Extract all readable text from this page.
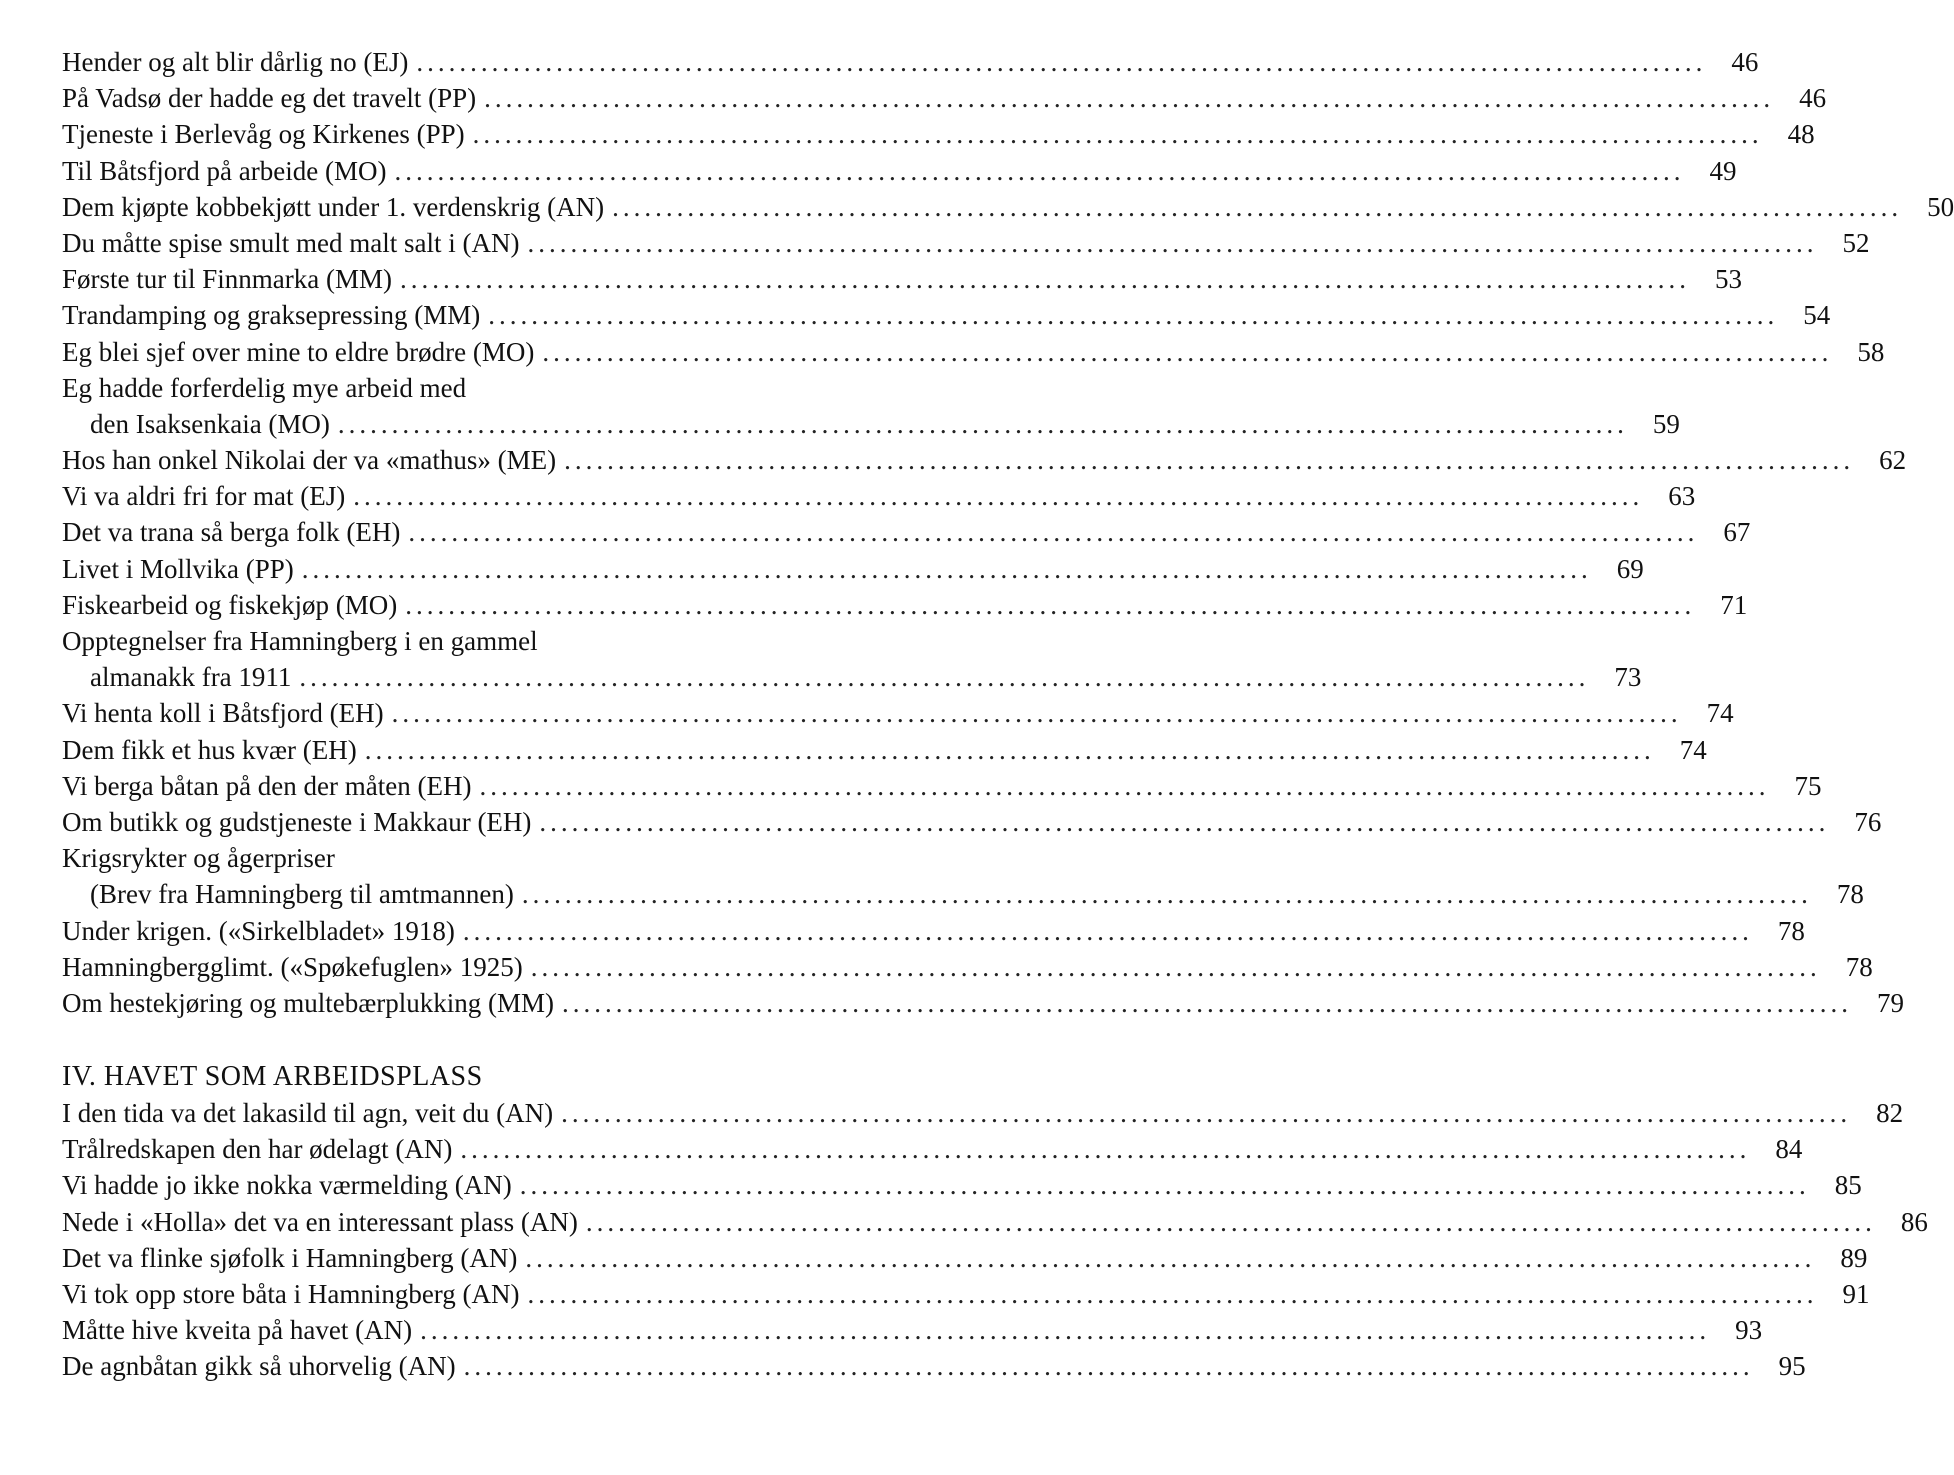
Hender og alt blir dårlig no (EJ) ........................................................................................................................ 46
På Vadsø der hadde eg det travelt (PP) ........................................................................................................................ 46
Tjeneste i Berlevåg og Kirkenes (PP) ........................................................................................................................ 48
Til Båtsfjord på arbeide (MO) ........................................................................................................................ 49
Dem kjøpte kobbekjøtt under 1. verdenskrig (AN) ........................................................................................................................ 50
Du måtte spise smult med malt salt i (AN) ........................................................................................................................ 52
Første tur til Finnmarka (MM) ........................................................................................................................ 53
Trandamping og graksepressing (MM) ........................................................................................................................ 54
Eg blei sjef over mine to eldre brødre (MO) ........................................................................................................................ 58
Eg hadde forferdelig mye arbeid med
den Isaksenkaia (MO) ........................................................................................................................ 59
Hos han onkel Nikolai der va «mathus» (ME) ........................................................................................................................ 62
Vi va aldri fri for mat (EJ) ........................................................................................................................ 63
Det va trana så berga folk (EH) ........................................................................................................................ 67
Livet i Mollvika (PP) ........................................................................................................................ 69
Fiskearbeid og fiskekjøp (MO) ........................................................................................................................ 71
Opptegnelser fra Hamningberg i en gammel
almanakk fra 1911 ........................................................................................................................ 73
Vi henta koll i Båtsfjord (EH) ........................................................................................................................ 74
Dem fikk et hus kvær (EH) ........................................................................................................................ 74
Vi berga båtan på den der måten (EH) ........................................................................................................................ 75
Om butikk og gudstjeneste i Makkaur (EH) ........................................................................................................................ 76
Krigsrykter og ågerpriser
(Brev fra Hamningberg til amtmannen) ........................................................................................................................ 78
Under krigen. («Sirkelbladet» 1918) ........................................................................................................................ 78
Hamningbergglimt. («Spøkefuglen» 1925) ........................................................................................................................ 78
Om hestekjøring og multebærplukking (MM) ........................................................................................................................ 79
IV. HAVET SOM ARBEIDSPLASS
I den tida va det lakasild til agn, veit du (AN) ........................................................................................................................ 82
Trålredskapen den har ødelagt (AN) ........................................................................................................................ 84
Vi hadde jo ikke nokka værmelding (AN) ........................................................................................................................ 85
Nede i «Holla» det va en interessant plass (AN) ........................................................................................................................ 86
Det va flinke sjøfolk i Hamningberg (AN) ........................................................................................................................ 89
Vi tok opp store båta i Hamningberg (AN) ........................................................................................................................ 91
Måtte hive kveita på havet (AN) ........................................................................................................................ 93
De agnbåtan gikk så uhorvelig (AN) ........................................................................................................................ 95
